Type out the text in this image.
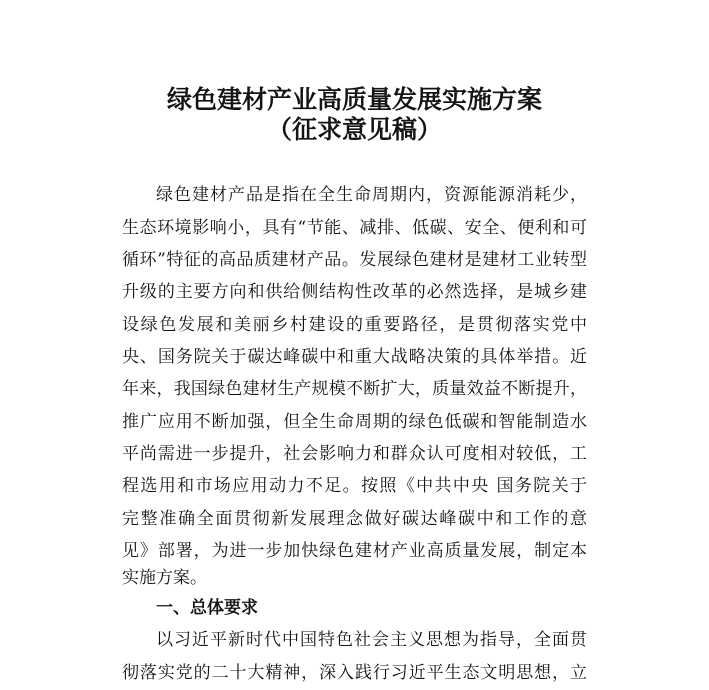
绿色建材产业高质量发展实施方案
（征求意见稿）
绿色建材产品是指在全生命周期内，资源能源消耗少，
生态环境影响小，具有“节能、减排、低碳、安全、便利和可
循环”特征的高品质建材产品。发展绿色建材是建材工业转型
升级的主要方向和供给侧结构性改革的必然选择，是城乡建
设绿色发展和美丽乡村建设的重要路径，是贯彻落实党中
央、国务院关于碳达峰碳中和重大战略决策的具体举措。近
年来，我国绿色建材生产规模不断扩大，质量效益不断提升，
推广应用不断加强，但全生命周期的绿色低碳和智能制造水
平尚需进一步提升，社会影响力和群众认可度相对较低，工
程选用和市场应用动力不足。按照《中共中央 国务院关于
完整准确全面贯彻新发展理念做好碳达峰碳中和工作的意
见》部署，为进一步加快绿色建材产业高质量发展，制定本
实施方案。
一、总体要求
以习近平新时代中国特色社会主义思想为指导，全面贯
彻落实党的二十大精神，深入践行习近平生态文明思想，立
